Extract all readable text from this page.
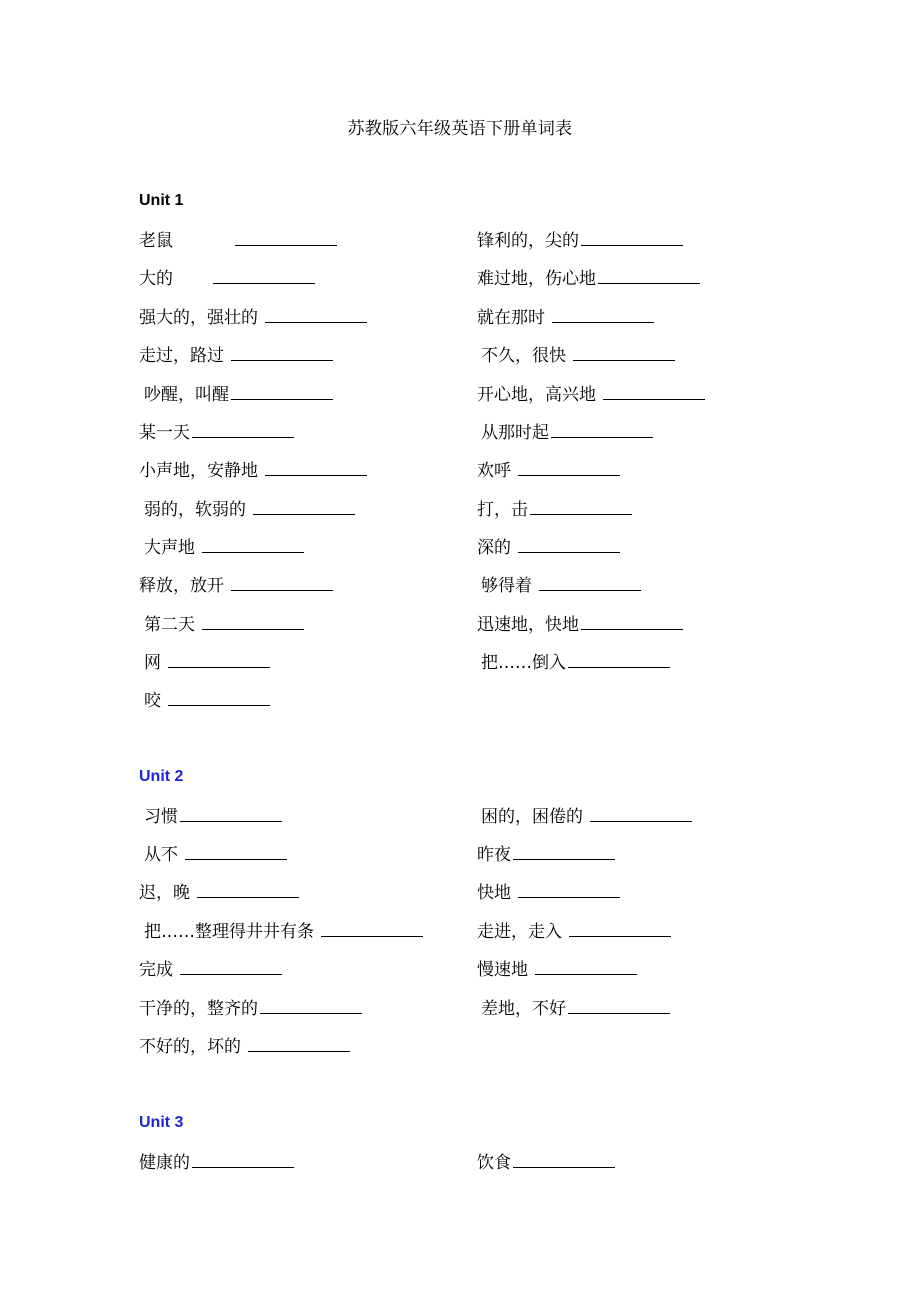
苏教版六年级英语下册单词表
Unit 1
老鼠
大的
强大的，强壮的
走过，路过
吵醒，叫醒
某一天
小声地，安静地
弱的，软弱的
大声地
释放，放开
第二天
网
咬
锋利的，尖的
难过地，伤心地
就在那时
不久，很快
开心地，高兴地
从那时起
欢呼
打，击
深的
够得着
迅速地，快地
把……倒入
Unit 2
习惯
从不
迟，晚
把……整理得井井有条
完成
干净的，整齐的
不好的，坏的
困的，困倦的
昨夜
快地
走进，走入
慢速地
差地，不好
Unit 3
健康的	饮食
